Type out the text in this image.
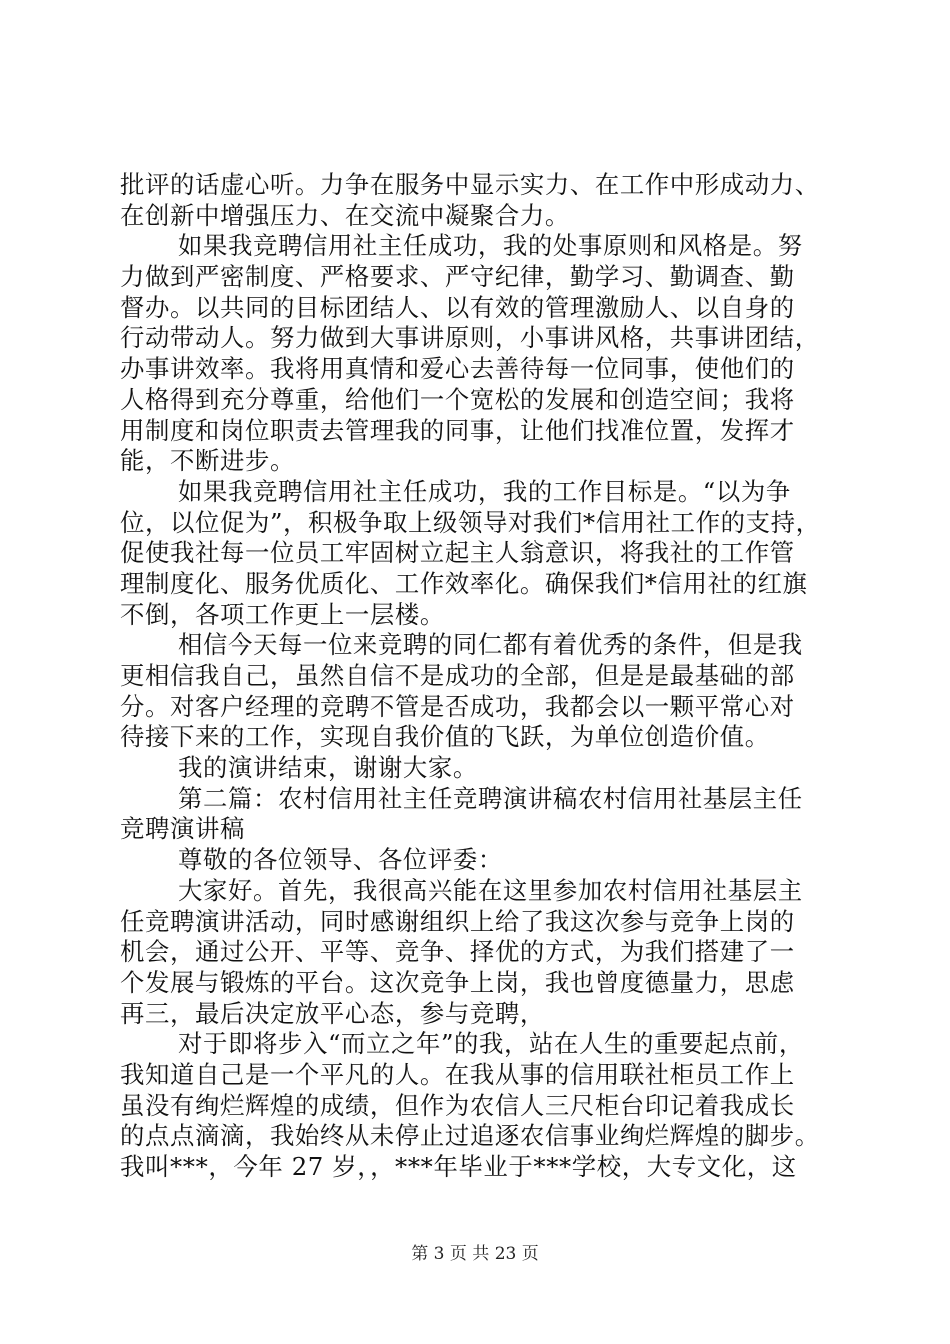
批评的话虚心听。力争在服务中显示实力、在工作中形成动力、
在创新中增强压力、在交流中凝聚合力。
如果我竞聘信用社主任成功，我的处事原则和风格是。努
力做到严密制度、严格要求、严守纪律，勤学习、勤调查、勤
督办。以共同的目标团结人、以有效的管理激励人、以自身的
行动带动人。努力做到大事讲原则，小事讲风格，共事讲团结，
办事讲效率。我将用真情和爱心去善待每一位同事，使他们的
人格得到充分尊重，给他们一个宽松的发展和创造空间；我将
用制度和岗位职责去管理我的同事，让他们找准位置，发挥才
能，不断进步。
如果我竞聘信用社主任成功，我的工作目标是。“以为争
位，以位促为”，积极争取上级领导对我们*信用社工作的支持，
促使我社每一位员工牢固树立起主人翁意识，将我社的工作管
理制度化、服务优质化、工作效率化。确保我们*信用社的红旗
不倒，各项工作更上一层楼。
相信今天每一位来竞聘的同仁都有着优秀的条件，但是我
更相信我自己，虽然自信不是成功的全部，但是是最基础的部
分。对客户经理的竞聘不管是否成功，我都会以一颗平常心对
待接下来的工作，实现自我价值的飞跃，为单位创造价值。
我的演讲结束，谢谢大家。
第二篇：农村信用社主任竞聘演讲稿农村信用社基层主任
竞聘演讲稿
尊敬的各位领导、各位评委：
大家好。首先，我很高兴能在这里参加农村信用社基层主
任竞聘演讲活动，同时感谢组织上给了我这次参与竞争上岗的
机会，通过公开、平等、竞争、择优的方式，为我们搭建了一
个发展与锻炼的平台。这次竞争上岗，我也曾度德量力，思虑
再三，最后决定放平心态，参与竞聘，
对于即将步入“而立之年”的我，站在人生的重要起点前，
我知道自己是一个平凡的人。在我从事的信用联社柜员工作上
虽没有绚烂辉煌的成绩，但作为农信人三尺柜台印记着我成长
的点点滴滴，我始终从未停止过追逐农信事业绚烂辉煌的脚步。
我叫***，今年 27 岁，，***年毕业于***学校，大专文化，这
第 3 页 共 23 页
